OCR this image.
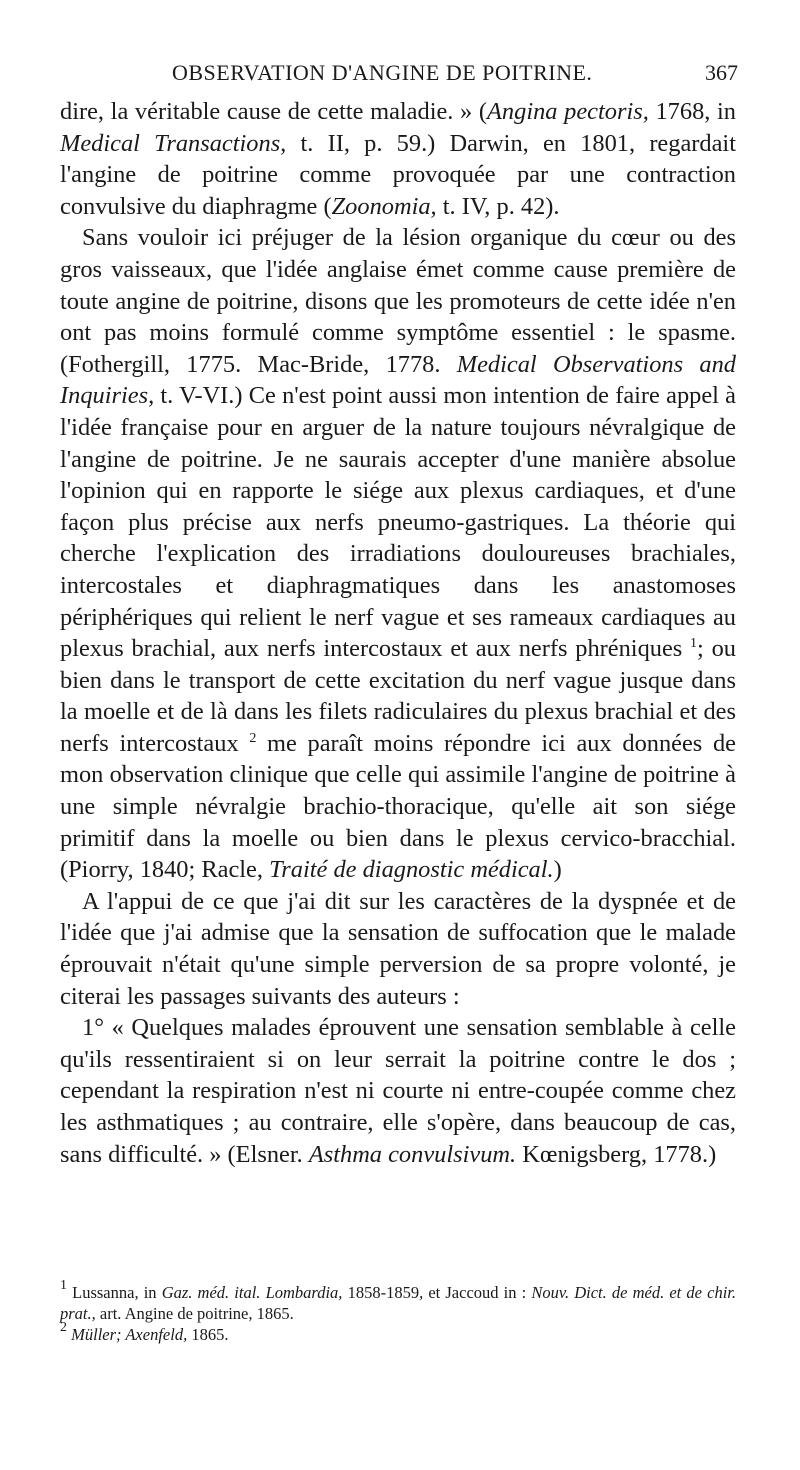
OBSERVATION D'ANGINE DE POITRINE.	367

dire, la véritable cause de cette maladie. » (Angina pectoris, 1768, in Medical Transactions, t. II, p. 59.) Darwin, en 1801, regardait l'angine de poitrine comme provoquée par une contraction convulsive du diaphragme (Zoonomia, t. IV, p. 42).

Sans vouloir ici préjuger de la lésion organique du cœur ou des gros vaisseaux, que l'idée anglaise émet comme cause première de toute angine de poitrine, disons que les promoteurs de cette idée n'en ont pas moins formulé comme symptôme essentiel : le spasme. (Fothergill, 1775. Mac-Bride, 1778. Medical Observations and Inquiries, t. V-VI.) Ce n'est point aussi mon intention de faire appel à l'idée française pour en arguer de la nature toujours névralgique de l'angine de poitrine. Je ne saurais accepter d'une manière absolue l'opinion qui en rapporte le siége aux plexus cardiaques, et d'une façon plus précise aux nerfs pneumo-gastriques. La théorie qui cherche l'explication des irradiations douloureuses brachiales, intercostales et diaphragmatiques dans les anastomoses périphériques qui relient le nerf vague et ses rameaux cardiaques au plexus brachial, aux nerfs intercostaux et aux nerfs phréniques $^1$; ou bien dans le transport de cette excitation du nerf vague jusque dans la moelle et de là dans les filets radiculaires du plexus brachial et des nerfs intercostaux $^2$ me paraît moins répondre ici aux données de mon observation clinique que celle qui assimile l'angine de poitrine à une simple névralgie brachio-thoracique, qu'elle ait son siége primitif dans la moelle ou bien dans le plexus cervico-bracchial. (Piorry, 1840; Racle, Traité de diagnostic médical.)

A l'appui de ce que j'ai dit sur les caractères de la dyspnée et de l'idée que j'ai admise que la sensation de suffocation que le malade éprouvait n'était qu'une simple perversion de sa propre volonté, je citerai les passages suivants des auteurs :

1° « Quelques malades éprouvent une sensation semblable à celle qu'ils ressentiraient si on leur serrait la poitrine contre le dos ; cependant la respiration n'est ni courte ni entre-coupée comme chez les asthmatiques ; au contraire, elle s'opère, dans beaucoup de cas, sans difficulté. » (Elsner. Asthma convulsivum. Kœnigsberg, 1778.)

$^1$ Lussanna, in Gaz. méd. ital. Lombardia, 1858-1859, et Jaccoud in : Nouv. Dict. de méd. et de chir. prat., art. Angine de poitrine, 1865.

$^2$ Müller; Axenfeld, 1865.
